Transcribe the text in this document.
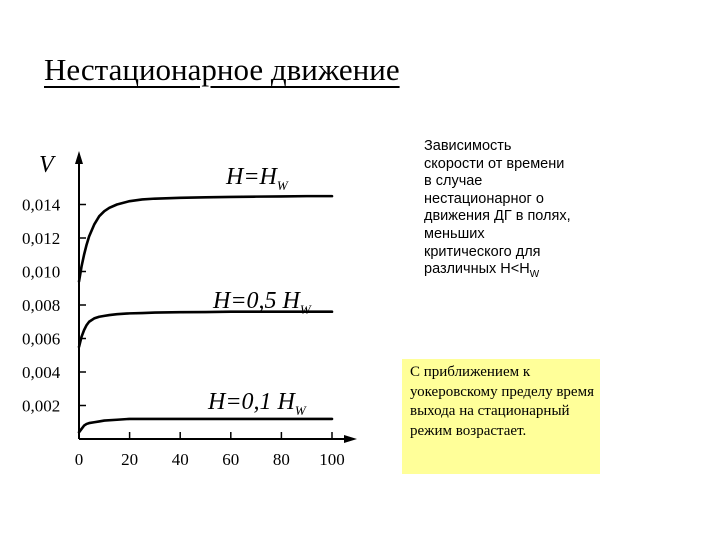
Нестационарное движение
V
0,002
0,004
0,006
0,008
0,010
0,012
0,014
0 20 40 60 80 100
$H=H_W$
H=0,5 $H_W$
H=0,1 $H_W$

Зависимость скорости от времени в случае нестационарног о движения ДГ в полях, меньших критического для различных $H<H_W$

С приближением к уокеровскому пределу время выхода на стационарный режим возрастает.
